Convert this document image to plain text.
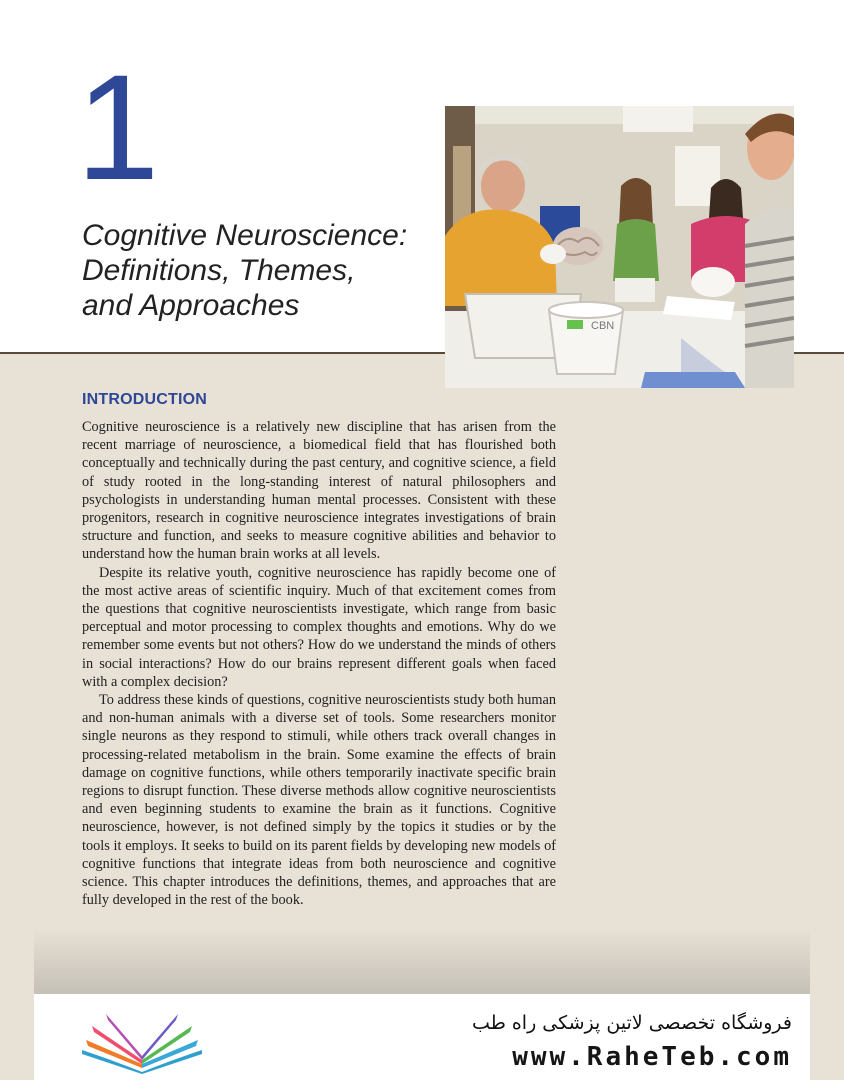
1
Cognitive Neuroscience:
Definitions, Themes,
and Approaches
CBN
INTRODUCTION

Cognitive neuroscience is a relatively new discipline that has arisen from the recent marriage of neuroscience, a biomedical field that has flourished both conceptually and technically during the past century, and cognitive science, a field of study rooted in the long-standing interest of natural philosophers and psychologists in understanding human mental processes. Consistent with these progenitors, research in cognitive neuroscience integrates investigations of brain structure and function, and seeks to measure cognitive abilities and behavior to understand how the human brain works at all levels.

Despite its relative youth, cognitive neuroscience has rapidly become one of the most active areas of scientific inquiry. Much of that excitement comes from the questions that cognitive neuroscientists investigate, which range from basic perceptual and motor processing to complex thoughts and emotions. Why do we remember some events but not others? How do we understand the minds of others in social interactions? How do our brains represent different goals when faced with a complex decision?

To address these kinds of questions, cognitive neuroscientists study both human and non-human animals with a diverse set of tools. Some researchers monitor single neurons as they respond to stimuli, while others track overall changes in processing-related metabolism in the brain. Some examine the effects of brain damage on cognitive functions, while others temporarily inactivate specific brain regions to disrupt function. These diverse methods allow cognitive neuroscientists and even beginning students to examine the brain as it functions. Cognitive neuroscience, however, is not defined simply by the topics it studies or by the tools it employs. It seeks to build on its parent fields by developing new models of cognitive functions that integrate ideas from both neuroscience and cognitive science. This chapter introduces the definitions, themes, and approaches that are fully developed in the rest of the book.

فروشگاه تخصصی لاتین پزشکی راه طب
www.RaheTeb.com
